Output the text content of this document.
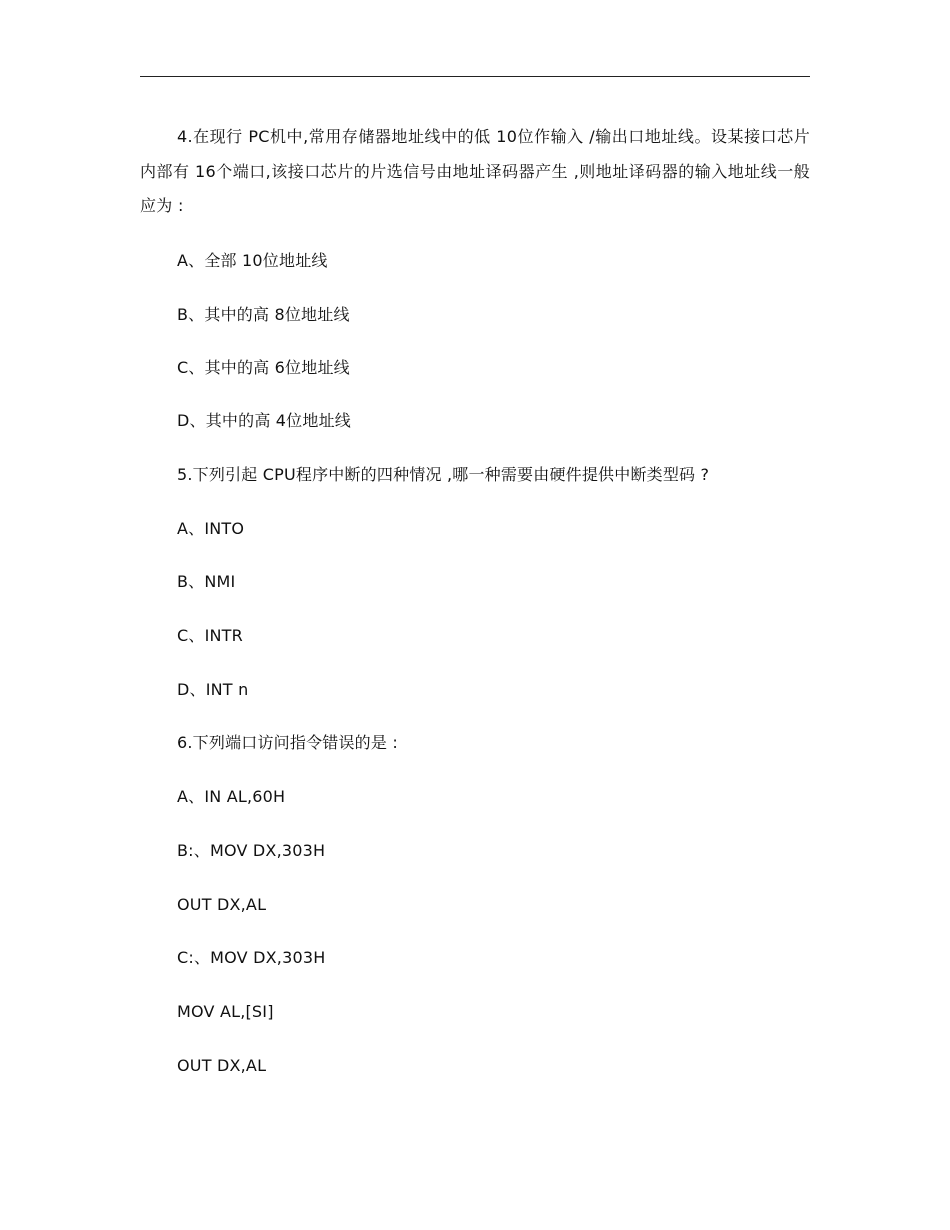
4.在现行 PC机中,常用存储器地址线中的低 10位作输入 /输出口地址线。设某接口芯片内部有 16个端口,该接口芯片的片选信号由地址译码器产生 ,则地址译码器的输入地址线一般应为 :
A、全部 10位地址线
B、其中的高 8位地址线
C、其中的高 6位地址线
D、其中的高 4位地址线
5.下列引起 CPU程序中断的四种情况 ,哪一种需要由硬件提供中断类型码 ?
A、INTO
B、NMI
C、INTR
D、INT n
6.下列端口访问指令错误的是 :
A、IN AL,60H
B:、MOV DX,303H
OUT DX,AL
C:、MOV DX,303H
MOV AL,[SI]
OUT DX,AL
